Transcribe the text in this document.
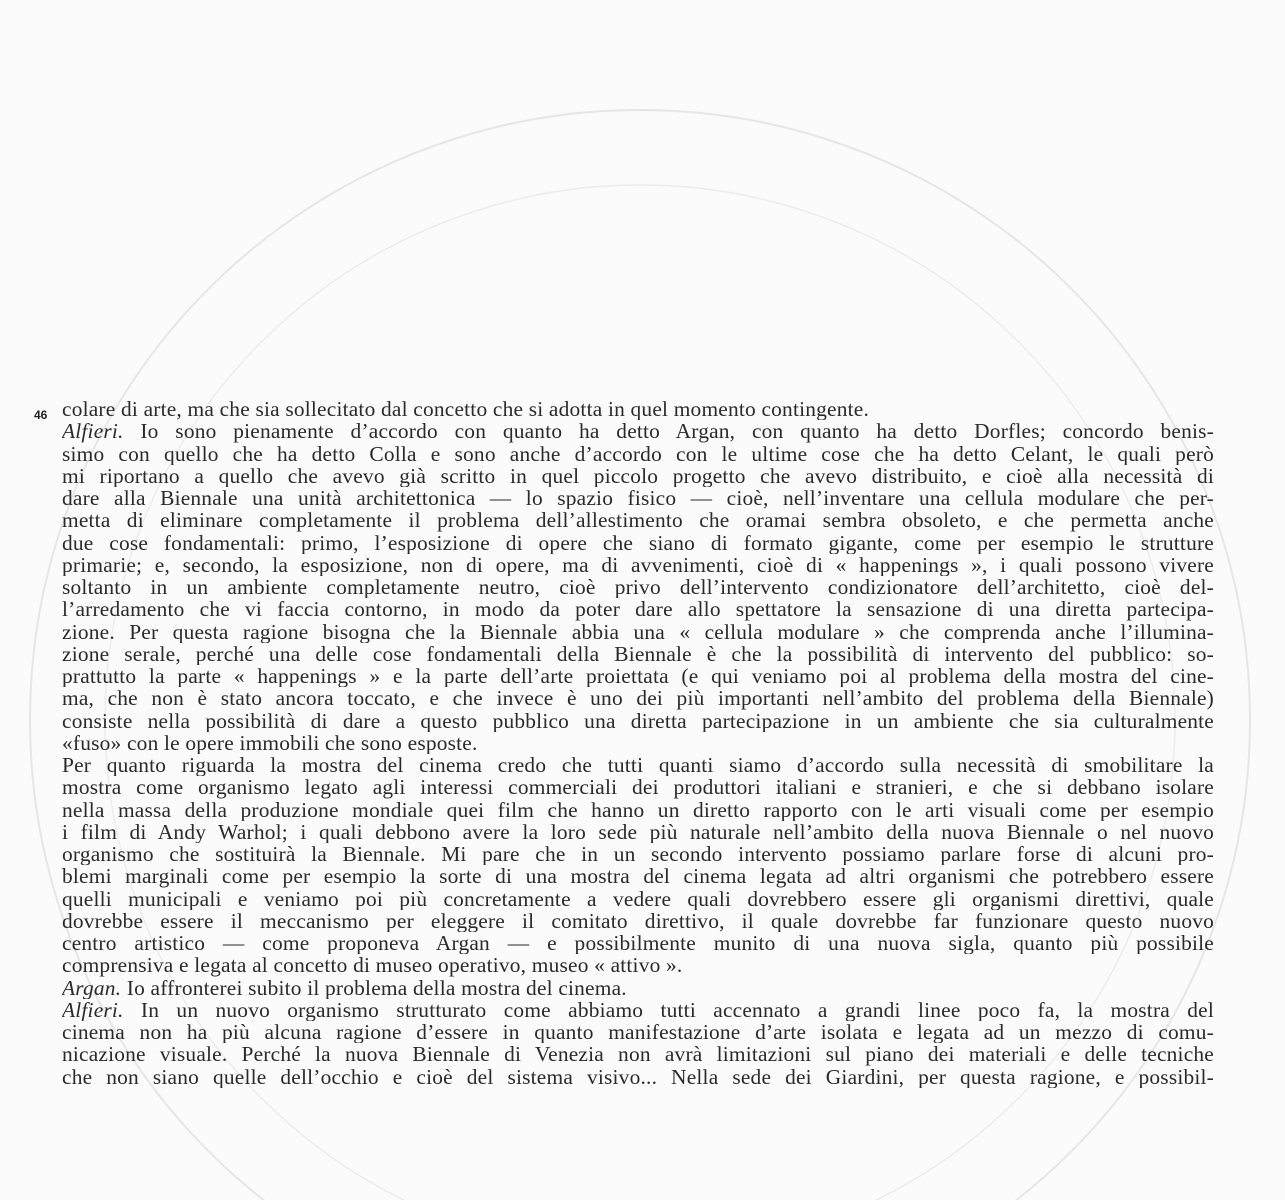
46 colare di arte, ma che sia sollecitato dal concetto che si adotta in quel momento contingente.
Alfieri. Io sono pienamente d’accordo con quanto ha detto Argan, con quanto ha detto Dorfles; concordo benis-
simo con quello che ha detto Colla e sono anche d’accordo con le ultime cose che ha detto Celant, le quali però
mi riportano a quello che avevo già scritto in quel piccolo progetto che avevo distribuito, e cioè alla necessità di
dare alla Biennale una unità architettonica — lo spazio fisico — cioè, nell’inventare una cellula modulare che per-
metta di eliminare completamente il problema dell’allestimento che oramai sembra obsoleto, e che permetta anche
due cose fondamentali: primo, l’esposizione di opere che siano di formato gigante, come per esempio le strutture
primarie; e, secondo, la esposizione, non di opere, ma di avvenimenti, cioè di « happenings », i quali possono vivere
soltanto in un ambiente completamente neutro, cioè privo dell’intervento condizionatore dell’architetto, cioè del-
l’arredamento che vi faccia contorno, in modo da poter dare allo spettatore la sensazione di una diretta partecipa-
zione. Per questa ragione bisogna che la Biennale abbia una « cellula modulare » che comprenda anche l’illumina-
zione serale, perché una delle cose fondamentali della Biennale è che la possibilità di intervento del pubblico: so-
prattutto la parte « happenings » e la parte dell’arte proiettata (e qui veniamo poi al problema della mostra del cine-
ma, che non è stato ancora toccato, e che invece è uno dei più importanti nell’ambito del problema della Biennale)
consiste nella possibilità di dare a questo pubblico una diretta partecipazione in un ambiente che sia culturalmente
«fuso» con le opere immobili che sono esposte.
Per quanto riguarda la mostra del cinema credo che tutti quanti siamo d’accordo sulla necessità di smobilitare la
mostra come organismo legato agli interessi commerciali dei produttori italiani e stranieri, e che si debbano isolare
nella massa della produzione mondiale quei film che hanno un diretto rapporto con le arti visuali come per esempio
i film di Andy Warhol; i quali debbono avere la loro sede più naturale nell’ambito della nuova Biennale o nel nuovo
organismo che sostituirà la Biennale. Mi pare che in un secondo intervento possiamo parlare forse di alcuni pro-
blemi marginali come per esempio la sorte di una mostra del cinema legata ad altri organismi che potrebbero essere
quelli municipali e veniamo poi più concretamente a vedere quali dovrebbero essere gli organismi direttivi, quale
dovrebbe essere il meccanismo per eleggere il comitato direttivo, il quale dovrebbe far funzionare questo nuovo
centro artistico — come proponeva Argan — e possibilmente munito di una nuova sigla, quanto più possibile
comprensiva e legata al concetto di museo operativo, museo « attivo ».
Argan. Io affronterei subito il problema della mostra del cinema.
Alfieri. In un nuovo organismo strutturato come abbiamo tutti accennato a grandi linee poco fa, la mostra del
cinema non ha più alcuna ragione d’essere in quanto manifestazione d’arte isolata e legata ad un mezzo di comu-
nicazione visuale. Perché la nuova Biennale di Venezia non avrà limitazioni sul piano dei materiali e delle tecniche
che non siano quelle dell’occhio e cioè del sistema visivo... Nella sede dei Giardini, per questa ragione, e possibil-
